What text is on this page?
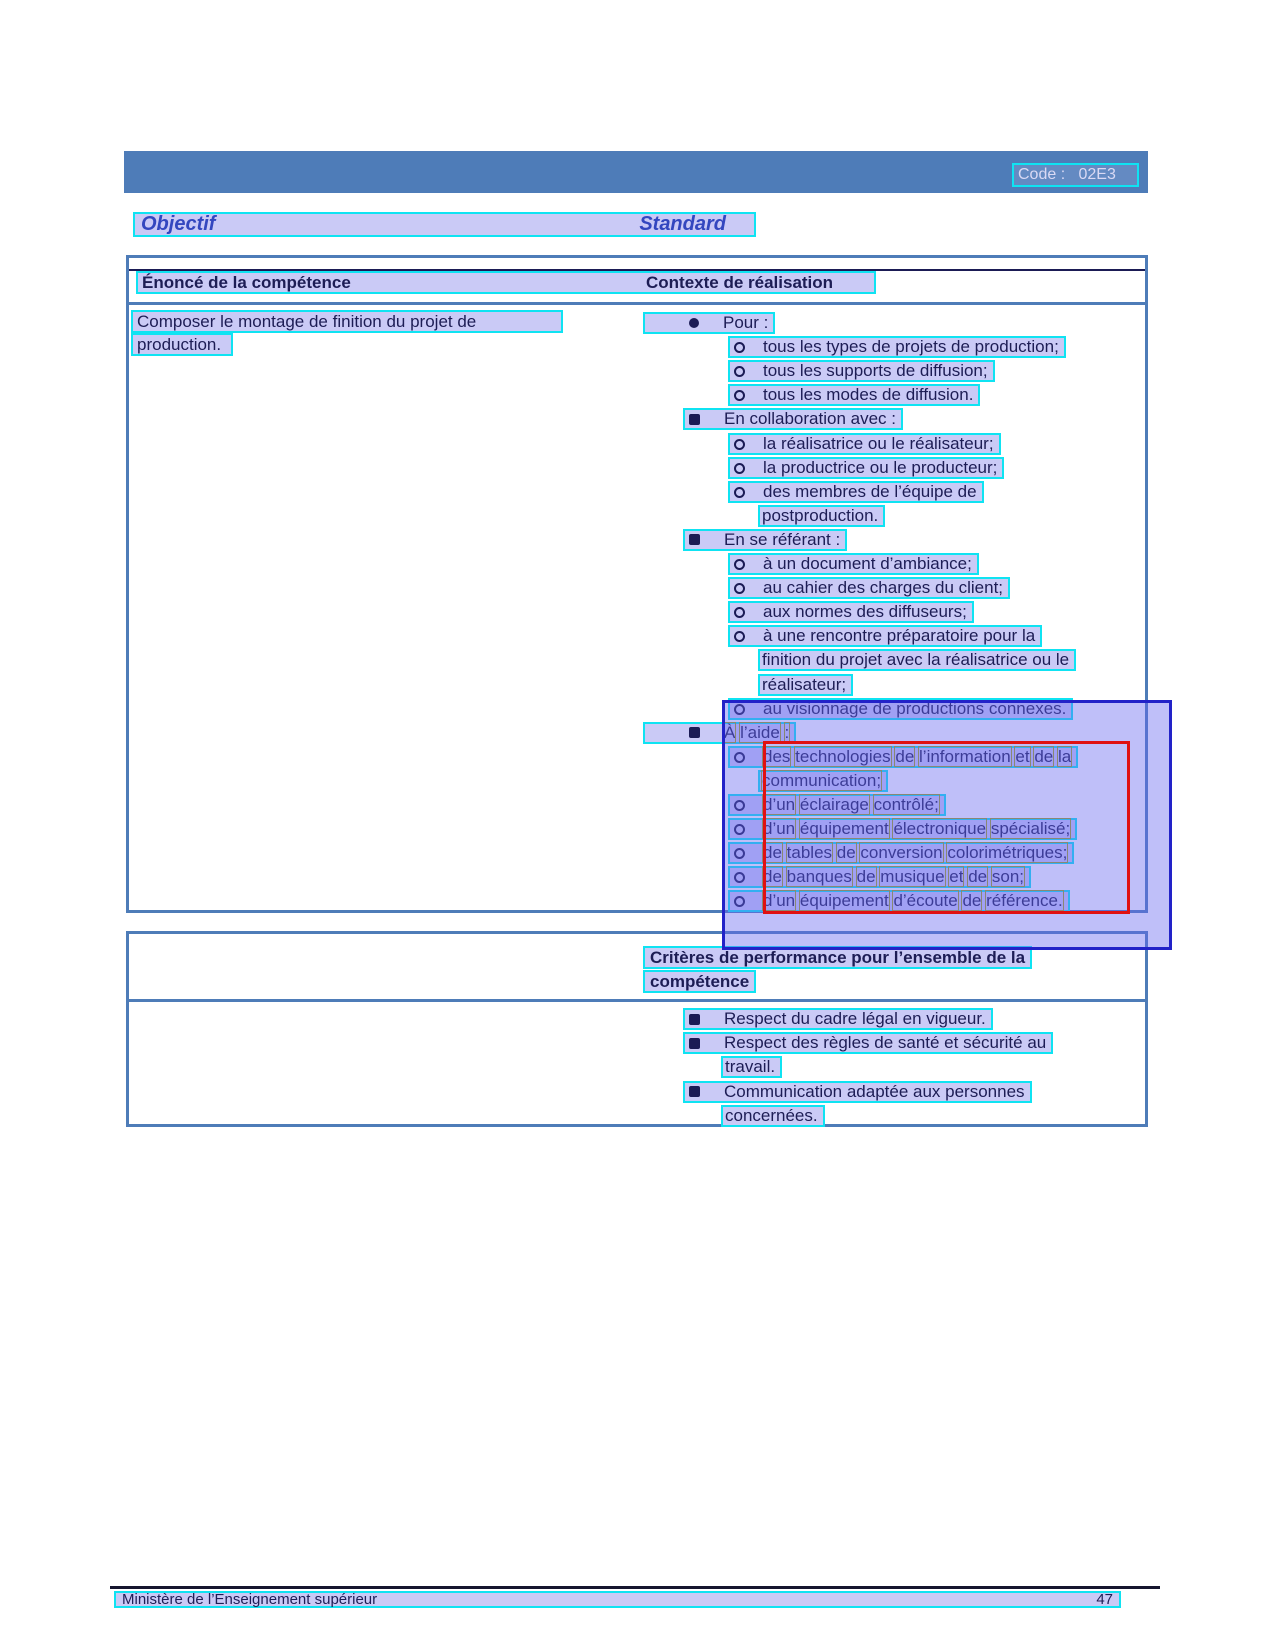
Code :   02E3
Objectif	Standard
Énoncé de la compétence	Contexte de réalisation
Composer le montage de finition du projet de
production.
Pour :
tous les types de projets de production;
tous les supports de diffusion;
tous les modes de diffusion.
En collaboration avec :
la réalisatrice ou le réalisateur;
la productrice ou le producteur;
des membres de l’équipe de
postproduction.
En se référant :
à un document d’ambiance;
au cahier des charges du client;
aux normes des diffuseurs;
à une rencontre préparatoire pour la
finition du projet avec la réalisatrice ou le
réalisateur;
au visionnage de productions connexes.
À l’aide :
des technologies de l’information et de la
communication;
d’un éclairage contrôlé;
d’un équipement électronique spécialisé;
de tables de conversion colorimétriques;
de banques de musique et de son;
d’un équipement d’écoute de référence.
Critères de performance pour l’ensemble de la
compétence
Respect du cadre légal en vigueur.
Respect des règles de santé et sécurité au
travail.
Communication adaptée aux personnes
concernées.
Ministère de l’Enseignement supérieur	47
